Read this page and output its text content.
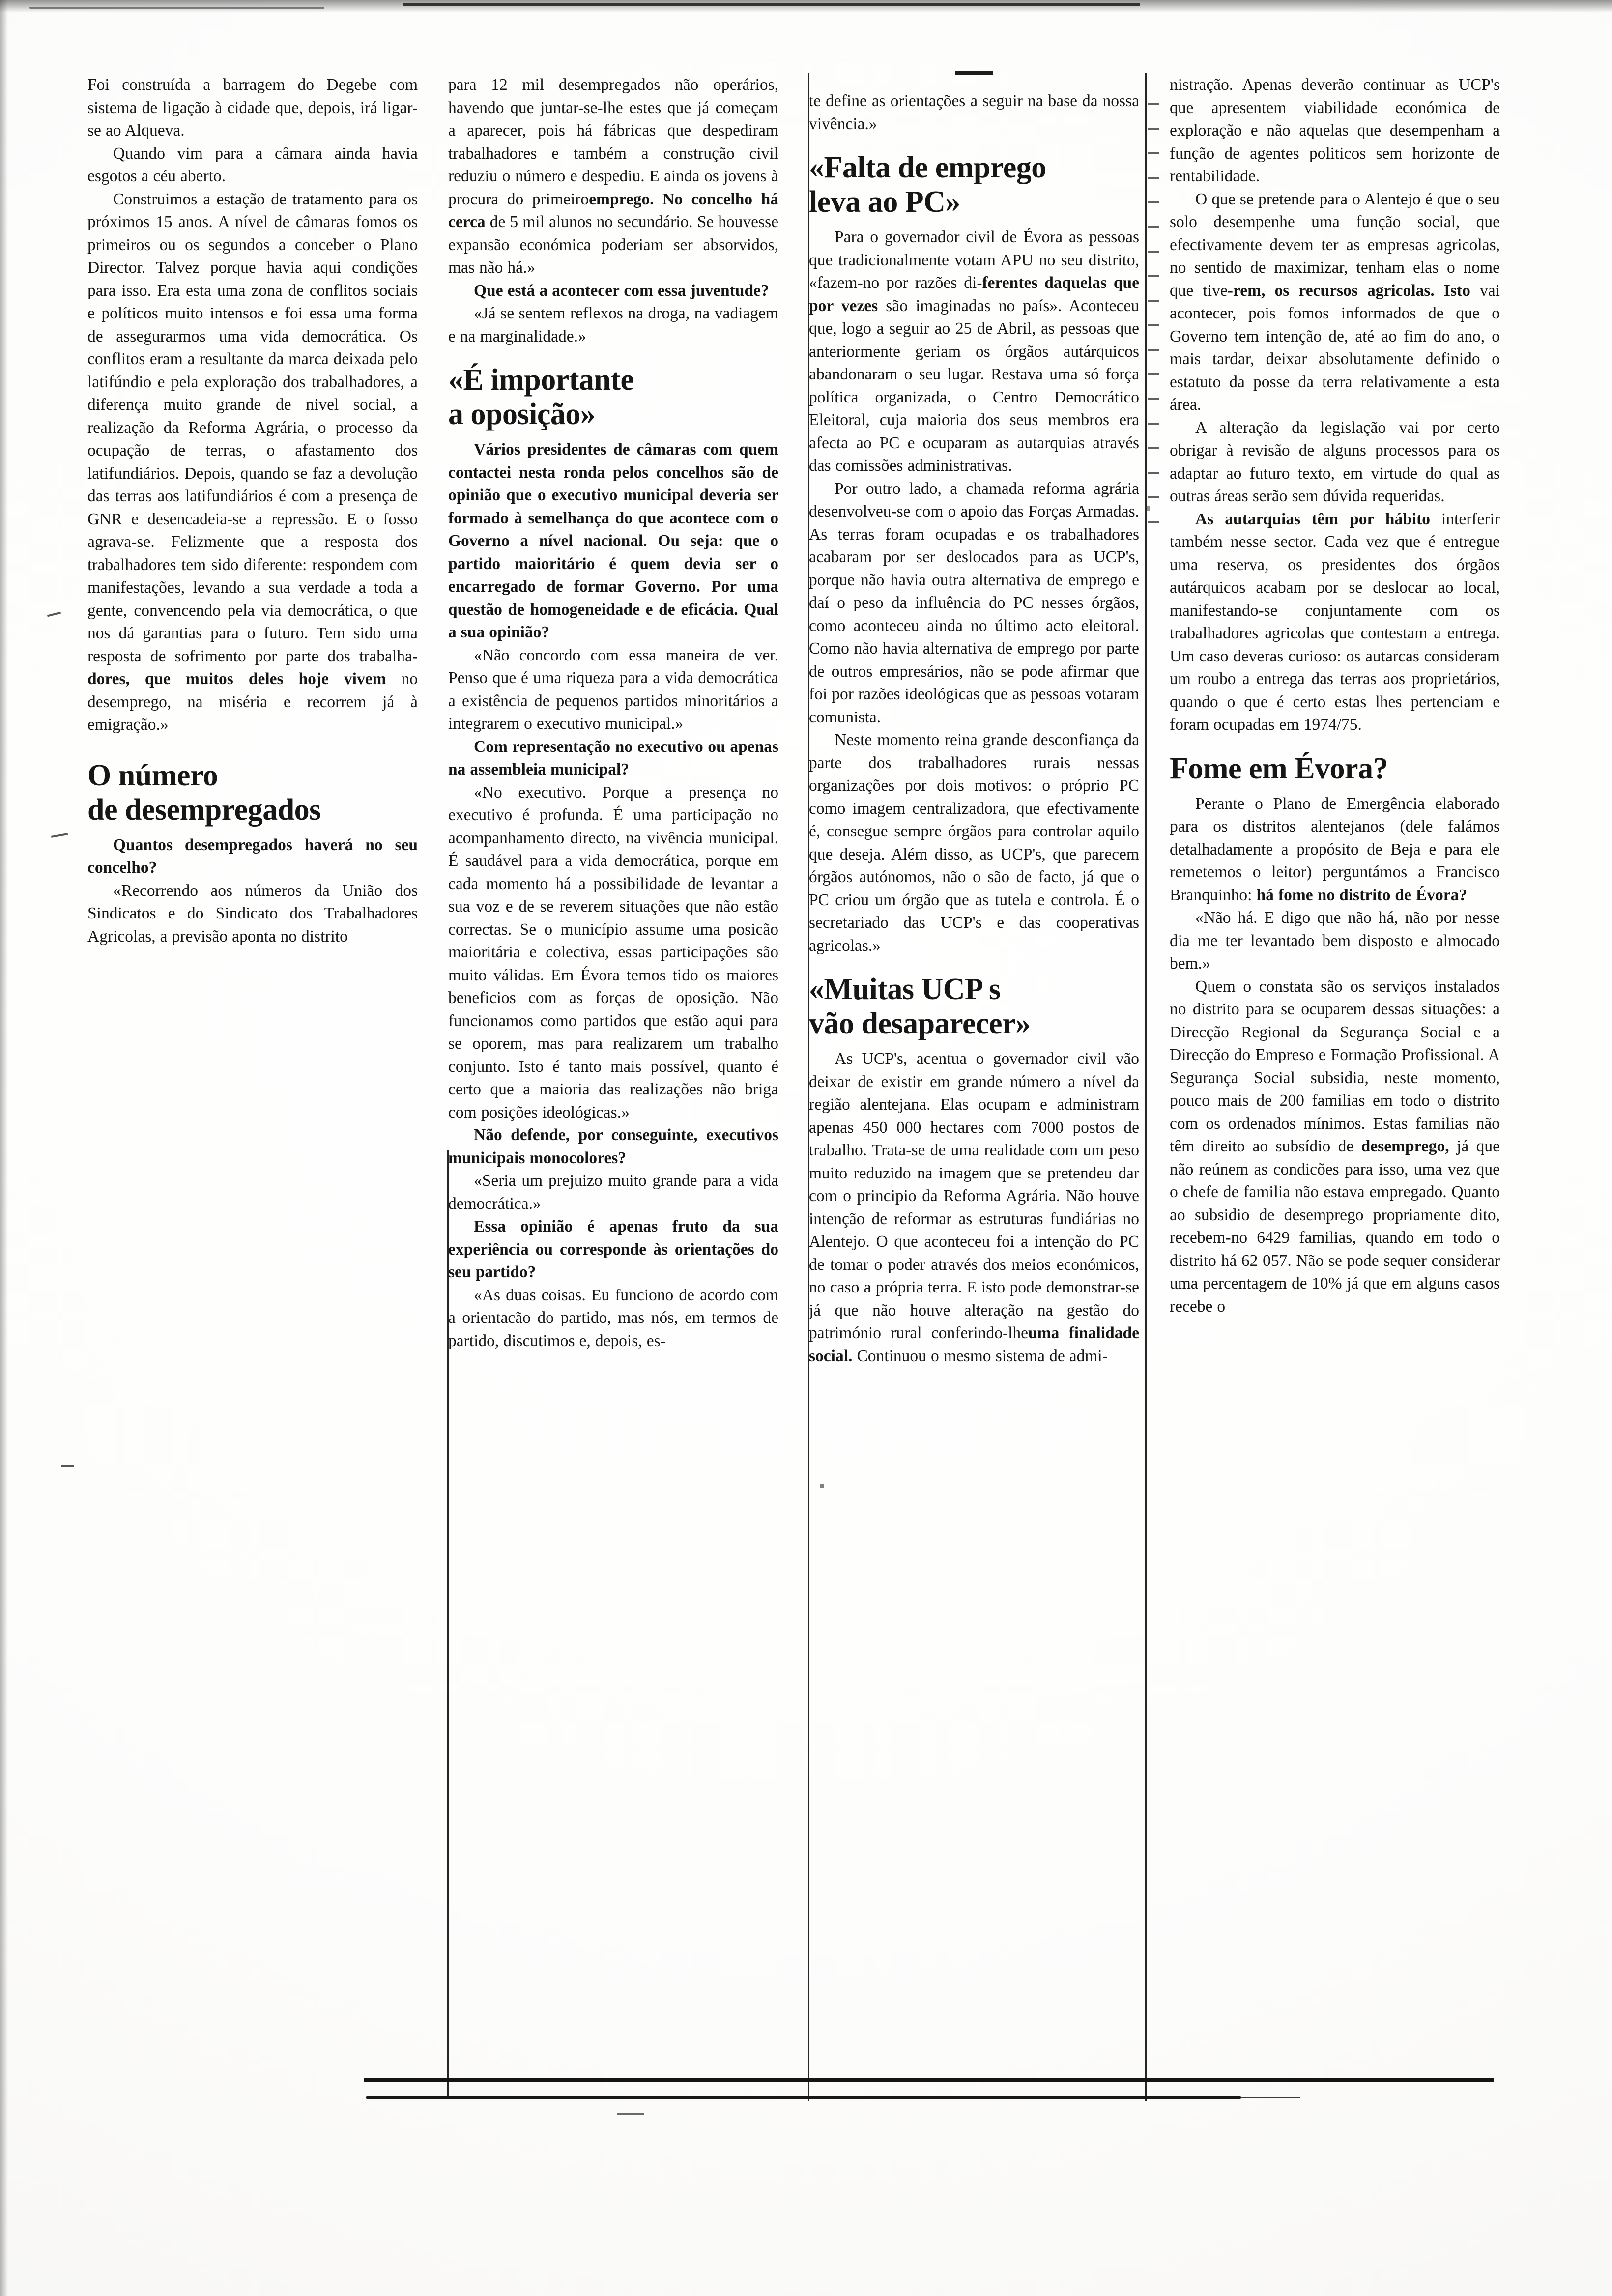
Foi construída a barragem do Degebe com sistema de ligação à cidade que, depois, irá ligar-se ao Alqueva.

Quando vim para a câmara ainda havia esgotos a céu aberto.

Construimos a estação de tratamento para os próximos 15 anos. A nível de câmaras fomos os primeiros ou os segundos a conceber o Plano Director. Talvez porque havia aqui condições para isso. Era esta uma zona de conflitos sociais e políticos muito intensos e foi essa uma forma de assegurarmos uma vida democrática. Os conflitos eram a resultante da marca deixada pelo latifúndio e pela exploração dos trabalhadores, a diferença muito grande de nivel social, a realização da Reforma Agrária, o processo da ocupação de terras, o afastamento dos latifundiários. Depois, quando se faz a devolução das terras aos latifundiários é com a presença de GNR e desencadeia-se a repressão. E o fosso agrava-se. Felizmente que a resposta dos trabalhadores tem sido diferente: respondem com manifestações, levando a sua verdade a toda a gente, convencendo pela via democrática, o que nos dá garantias para o futuro. Tem sido uma resposta de sofrimento por parte dos trabalha-dores, que muitos deles hoje vivem no desemprego, na miséria e recorrem já à emigração.»

O número
de desempregados

Quantos desempregados haverá no seu concelho?

«Recorrendo aos números da União dos Sindicatos e do Sindicato dos Trabalhadores Agricolas, a previsão aponta no distrito

para 12 mil desempregados não operários, havendo que juntar-se-lhe estes que já começam a aparecer, pois há fábricas que despediram trabalhadores e também a construção civil reduziu o número e despediu. E ainda os jovens à procura do primeiroemprego. No concelho há cerca de 5 mil alunos no secundário. Se houvesse expansão económica poderiam ser absorvidos, mas não há.»

Que está a acontecer com essa juventude?

«Já se sentem reflexos na droga, na vadiagem e na marginalidade.»

«É importante
a oposição»

Vários presidentes de câmaras com quem contactei nesta ronda pelos concelhos são de opinião que o executivo municipal deveria ser formado à semelhança do que acontece com o Governo a nível nacional. Ou seja: que o partido maioritário é quem devia ser o encarregado de formar Governo. Por uma questão de homogeneidade e de eficácia. Qual a sua opinião?

«Não concordo com essa maneira de ver. Penso que é uma riqueza para a vida democrática a existência de pequenos partidos minoritários a integrarem o executivo municipal.»

Com representação no executivo ou apenas na assembleia municipal?

«No executivo. Porque a presença no executivo é profunda. É uma participação no acompanhamento directo, na vivência municipal. É saudável para a vida democrática, porque em cada momento há a possibilidade de levantar a sua voz e de se reverem situações que não estão correctas. Se o município assume uma posicão maioritária e colectiva, essas participações são muito válidas. Em Évora temos tido os maiores beneficios com as forças de oposição. Não funcionamos como partidos que estão aqui para se oporem, mas para realizarem um trabalho conjunto. Isto é tanto mais possível, quanto é certo que a maioria das realizações não briga com posições ideológicas.»

Não defende, por conseguinte, executivos municipais monocolores?

«Seria um prejuizo muito grande para a vida democrática.»

Essa opinião é apenas fruto da sua experiência ou corresponde às orientações do seu partido?

«As duas coisas. Eu funciono de acordo com a orientacão do partido, mas nós, em termos de partido, discutimos e, depois, es-

te define as orientações a seguir na base da nossa vivência.»

«Falta de emprego
leva ao PC»

Para o governador civil de Évora as pessoas que tradicionalmente votam APU no seu distrito, «fazem-no por razões di-ferentes daquelas que por vezes são imaginadas no país». Aconteceu que, logo a seguir ao 25 de Abril, as pessoas que anteriormente geriam os órgãos autárquicos abandonaram o seu lugar. Restava uma só força política organizada, o Centro Democrático Eleitoral, cuja maioria dos seus membros era afecta ao PC e ocuparam as autarquias através das comissões administrativas.

Por outro lado, a chamada reforma agrária desenvolveu-se com o apoio das Forças Armadas. As terras foram ocupadas e os trabalhadores acabaram por ser deslocados para as UCP's, porque não havia outra alternativa de emprego e daí o peso da influência do PC nesses órgãos, como aconteceu ainda no último acto eleitoral. Como não havia alternativa de emprego por parte de outros empresários, não se pode afirmar que foi por razões ideológicas que as pessoas votaram comunista.

Neste momento reina grande desconfiança da parte dos trabalhadores rurais nessas organizações por dois motivos: o próprio PC como imagem centralizadora, que efectivamente é, consegue sempre órgãos para controlar aquilo que deseja. Além disso, as UCP's, que parecem órgãos autónomos, não o são de facto, já que o PC criou um órgão que as tutela e controla. É o secretariado das UCP's e das cooperativas agricolas.»

«Muitas UCP s
vão desaparecer»

As UCP's, acentua o governador civil vão deixar de existir em grande número a nível da região alentejana. Elas ocupam e administram apenas 450 000 hectares com 7000 postos de trabalho. Trata-se de uma realidade com um peso muito reduzido na imagem que se pretendeu dar com o principio da Reforma Agrária. Não houve intenção de reformar as estruturas fundiárias no Alentejo. O que aconteceu foi a intenção do PC de tomar o poder através dos meios económicos, no caso a própria terra. E isto pode demonstrar-se já que não houve alteração na gestão do património rural conferindo-lheuma finalidade social. Continuou o mesmo sistema de admi-

nistração. Apenas deverão continuar as UCP's que apresentem viabilidade económica de exploração e não aquelas que desempenham a função de agentes politicos sem horizonte de rentabilidade.

O que se pretende para o Alentejo é que o seu solo desempenhe uma função social, que efectivamente devem ter as empresas agricolas, no sentido de maximizar, tenham elas o nome que tive-rem, os recursos agricolas. Isto vai acontecer, pois fomos informados de que o Governo tem intenção de, até ao fim do ano, o mais tardar, deixar absolutamente definido o estatuto da posse da terra relativamente a esta área.

A alteração da legislação vai por certo obrigar à revisão de alguns processos para os adaptar ao futuro texto, em virtude do qual as outras áreas serão sem dúvida requeridas.

As autarquias têm por hábito interferir também nesse sector. Cada vez que é entregue uma reserva, os presidentes dos órgãos autárquicos acabam por se deslocar ao local, manifestando-se conjuntamente com os trabalhadores agricolas que contestam a entrega. Um caso deveras curioso: os autarcas consideram um roubo a entrega das terras aos proprietários, quando o que é certo estas lhes pertenciam e foram ocupadas em 1974/75.

Fome em Évora?

Perante o Plano de Emergência elaborado para os distritos alentejanos (dele falámos detalhadamente a propósito de Beja e para ele remetemos o leitor) perguntámos a Francisco Branquinho: há fome no distrito de Évora?

«Não há. E digo que não há, não por nesse dia me ter levantado bem disposto e almocado bem.»

Quem o constata são os serviços instalados no distrito para se ocuparem dessas situações: a Direcção Regional da Segurança Social e a Direcção do Empreso e Formação Profissional. A Segurança Social subsidia, neste momento, pouco mais de 200 familias em todo o distrito com os ordenados mínimos. Estas familias não têm direito ao subsídio de desemprego, já que não reúnem as condicões para isso, uma vez que o chefe de familia não estava empregado. Quanto ao subsidio de desemprego propriamente dito, recebem-no 6429 familias, quando em todo o distrito há 62 057. Não se pode sequer considerar uma percentagem de 10% já que em alguns casos recebe o
